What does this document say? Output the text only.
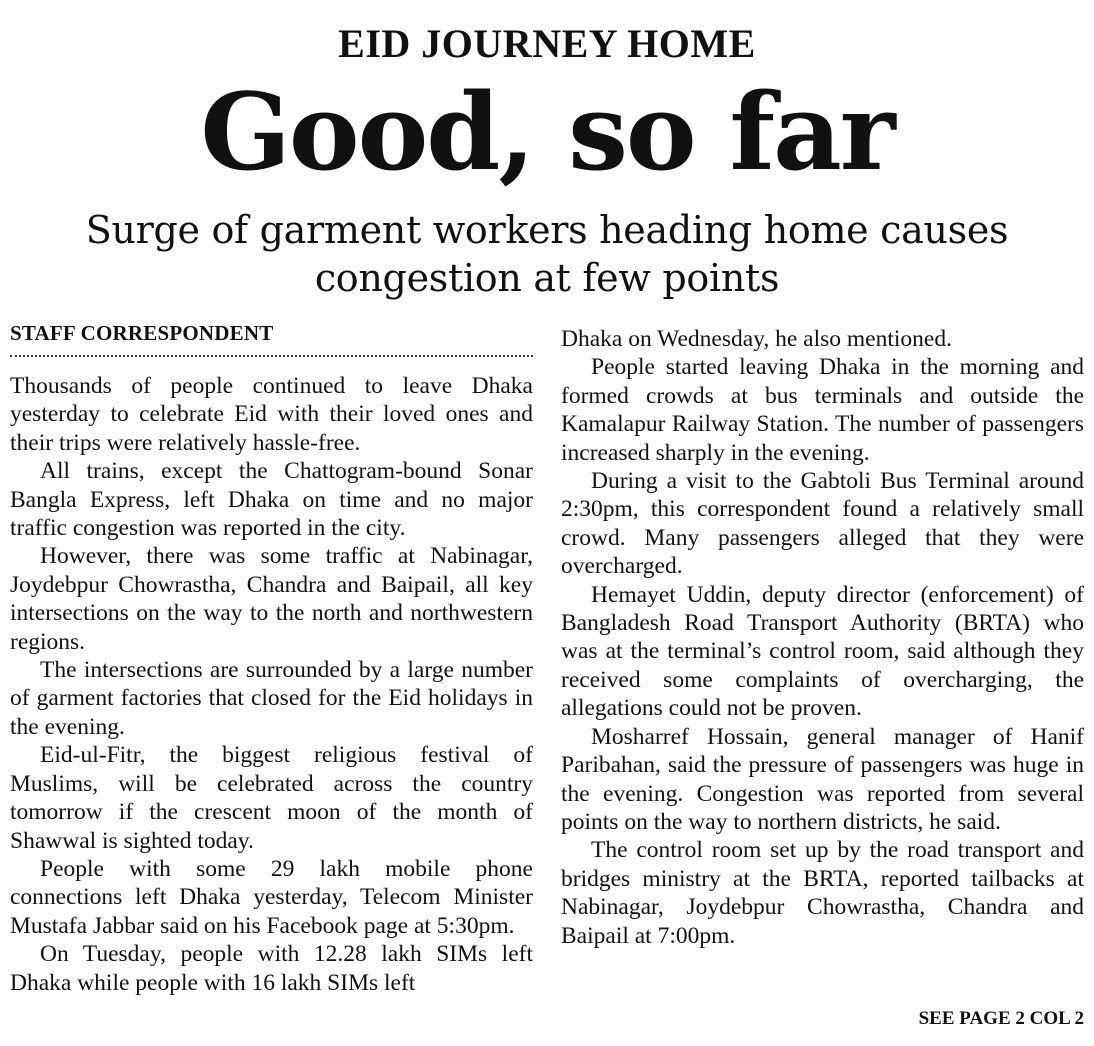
EID JOURNEY HOME
Good, so far
Surge of garment workers heading home causes congestion at few points
STAFF CORRESPONDENT

Thousands of people continued to leave Dhaka yesterday to celebrate Eid with their loved ones and their trips were relatively hassle-free.

All trains, except the Chattogram-bound Sonar Bangla Express, left Dhaka on time and no major traffic congestion was reported in the city.

However, there was some traffic at Nabinagar, Joydebpur Chowrastha, Chandra and Baipail, all key intersections on the way to the north and northwestern regions.

The intersections are surrounded by a large number of garment factories that closed for the Eid holidays in the evening.

Eid-ul-Fitr, the biggest religious festival of Muslims, will be celebrated across the country tomorrow if the crescent moon of the month of Shawwal is sighted today.

People with some 29 lakh mobile phone connections left Dhaka yesterday, Telecom Minister Mustafa Jabbar said on his Facebook page at 5:30pm.

On Tuesday, people with 12.28 lakh SIMs left Dhaka while people with 16 lakh SIMs left

Dhaka on Wednesday, he also mentioned.

People started leaving Dhaka in the morning and formed crowds at bus terminals and outside the Kamalapur Railway Station. The number of passengers increased sharply in the evening.

During a visit to the Gabtoli Bus Terminal around 2:30pm, this correspondent found a relatively small crowd. Many passengers alleged that they were overcharged.

Hemayet Uddin, deputy director (enforcement) of Bangladesh Road Transport Authority (BRTA) who was at the terminal’s control room, said although they received some complaints of overcharging, the allegations could not be proven.

Mosharref Hossain, general manager of Hanif Paribahan, said the pressure of passengers was huge in the evening. Congestion was reported from several points on the way to northern districts, he said.

The control room set up by the road transport and bridges ministry at the BRTA, reported tailbacks at Nabinagar, Joydebpur Chowrastha, Chandra and Baipail at 7:00pm.

SEE PAGE 2 COL 2
